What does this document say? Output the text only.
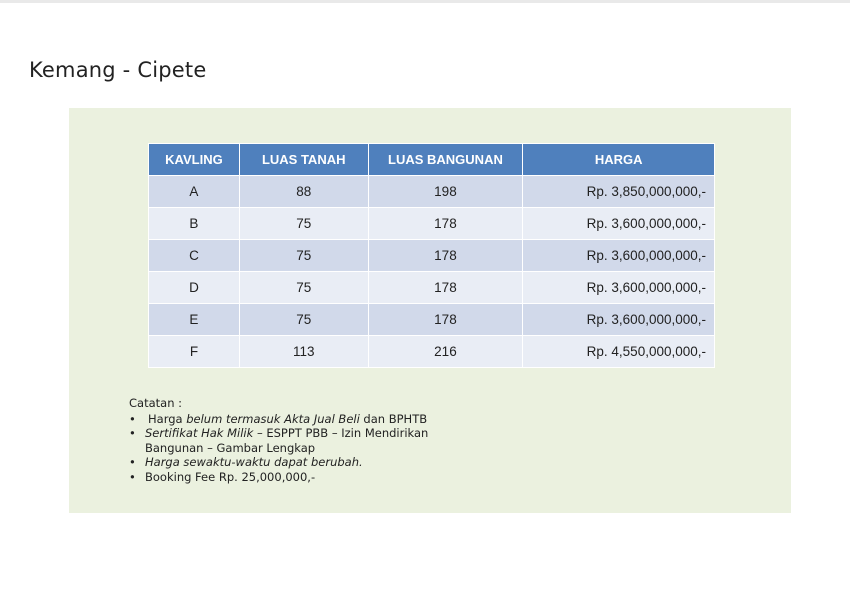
Kemang - Cipete
KAVLING	LUAS TANAH	LUAS BANGUNAN	HARGA
A	88	198	Rp. 3,850,000,000,-
B	75	178	Rp. 3,600,000,000,-
C	75	178	Rp. 3,600,000,000,-
D	75	178	Rp. 3,600,000,000,-
E	75	178	Rp. 3,600,000,000,-
F	113	216	Rp. 4,550,000,000,-
Catatan :
• Harga belum termasuk Akta Jual Beli dan BPHTB
• Sertifikat Hak Milik – ESPPT PBB – Izin Mendirikan Bangunan – Gambar Lengkap
• Harga sewaktu-waktu dapat berubah.
• Booking Fee Rp. 25,000,000,-
